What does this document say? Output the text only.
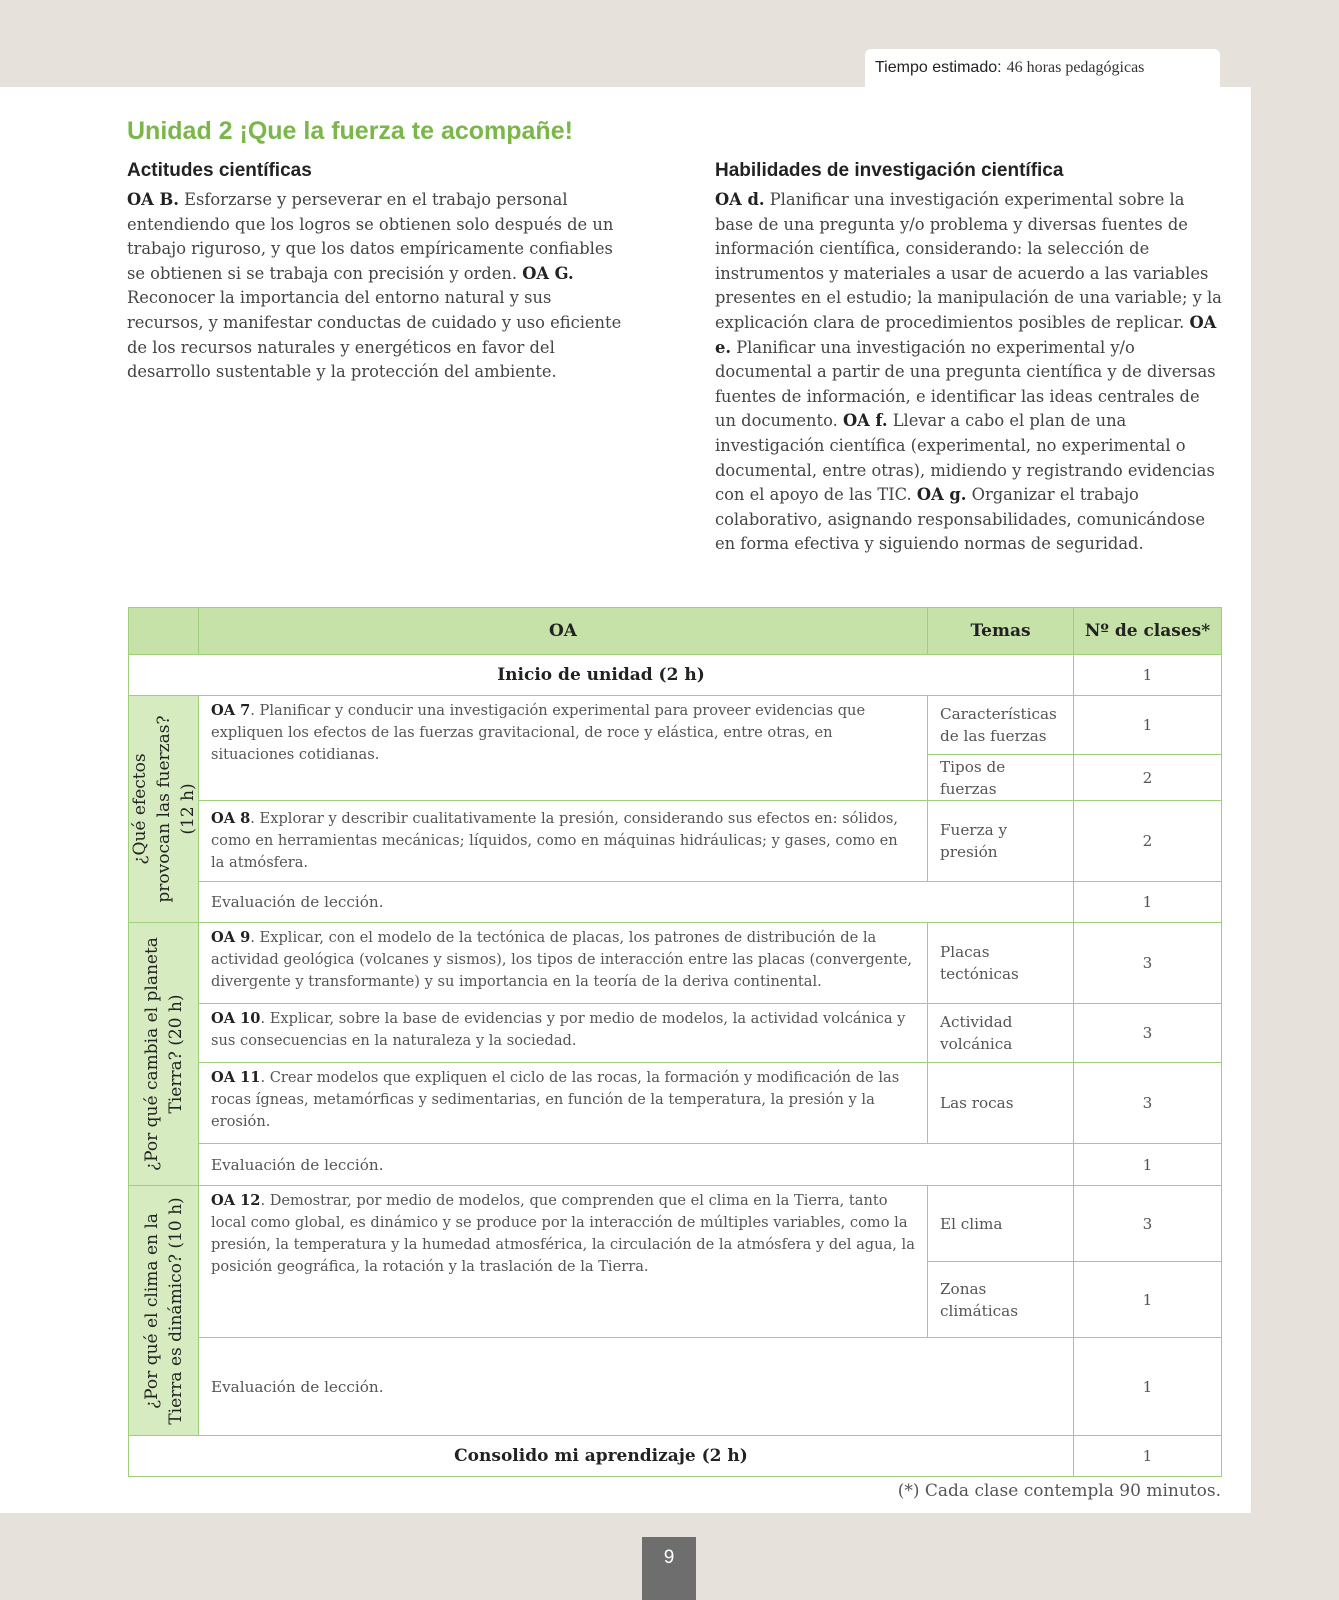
Tiempo estimado: 46 horas pedagógicas
Unidad 2 ¡Que la fuerza te acompañe!
Actitudes científicas

OA B. Esforzarse y perseverar en el trabajo personal entendiendo que los logros se obtienen solo después de un trabajo riguroso, y que los datos empíricamente confiables se obtienen si se trabaja con precisión y orden. OA G. Reconocer la importancia del entorno natural y sus recursos, y manifestar conductas de cuidado y uso eficiente de los recursos naturales y energéticos en favor del desarrollo sustentable y la protección del ambiente.

Habilidades de investigación científica

OA d. Planificar una investigación experimental sobre la base de una pregunta y/o problema y diversas fuentes de información científica, considerando: la selección de instrumentos y materiales a usar de acuerdo a las variables presentes en el estudio; la manipulación de una variable; y la explicación clara de procedimientos posibles de replicar. OA e. Planificar una investigación no experimental y/o documental a partir de una pregunta científica y de diversas fuentes de información, e identificar las ideas centrales de un documento. OA f. Llevar a cabo el plan de una investigación científica (experimental, no experimental o documental, entre otras), midiendo y registrando evidencias con el apoyo de las TIC. OA g. Organizar el trabajo colaborativo, asignando responsabilidades, comunicándose en forma efectiva y siguiendo normas de seguridad.

	OA	Temas	Nº de clases*
Inicio de unidad (2 h)			1

¿Qué efectos provocan las fuerzas? (12 h)	OA 7. Planificar y conducir una investigación experimental para proveer evidencias que expliquen los efectos de las fuerzas gravitacional, de roce y elástica, entre otras, en situaciones cotidianas.	Características de las fuerzas	1
		Tipos de fuerzas	2
	OA 8. Explorar y describir cualitativamente la presión, considerando sus efectos en: sólidos, como en herramientas mecánicas; líquidos, como en máquinas hidráulicas; y gases, como en la atmósfera.	Fuerza y presión	2
	Evaluación de lección.		1

¿Por qué cambia el planeta Tierra? (20 h)	OA 9. Explicar, con el modelo de la tectónica de placas, los patrones de distribución de la actividad geológica (volcanes y sismos), los tipos de interacción entre las placas (convergente, divergente y transformante) y su importancia en la teoría de la deriva continental.	Placas tectónicas	3
	OA 10. Explicar, sobre la base de evidencias y por medio de modelos, la actividad volcánica y sus consecuencias en la naturaleza y la sociedad.	Actividad volcánica	3
	OA 11. Crear modelos que expliquen el ciclo de las rocas, la formación y modificación de las rocas ígneas, metamórficas y sedimentarias, en función de la temperatura, la presión y la erosión.	Las rocas	3
	Evaluación de lección.		1

¿Por qué el clima en la Tierra es dinámico? (10 h)	OA 12. Demostrar, por medio de modelos, que comprenden que el clima en la Tierra, tanto local como global, es dinámico y se produce por la interacción de múltiples variables, como la presión, la temperatura y la humedad atmosférica, la circulación de la atmósfera y del agua, la posición geográfica, la rotación y la traslación de la Tierra.	El clima	3
		Zonas climáticas	1
	Evaluación de lección.		1
Consolido mi aprendizaje (2 h)			1
(*) Cada clase contempla 90 minutos.
9
